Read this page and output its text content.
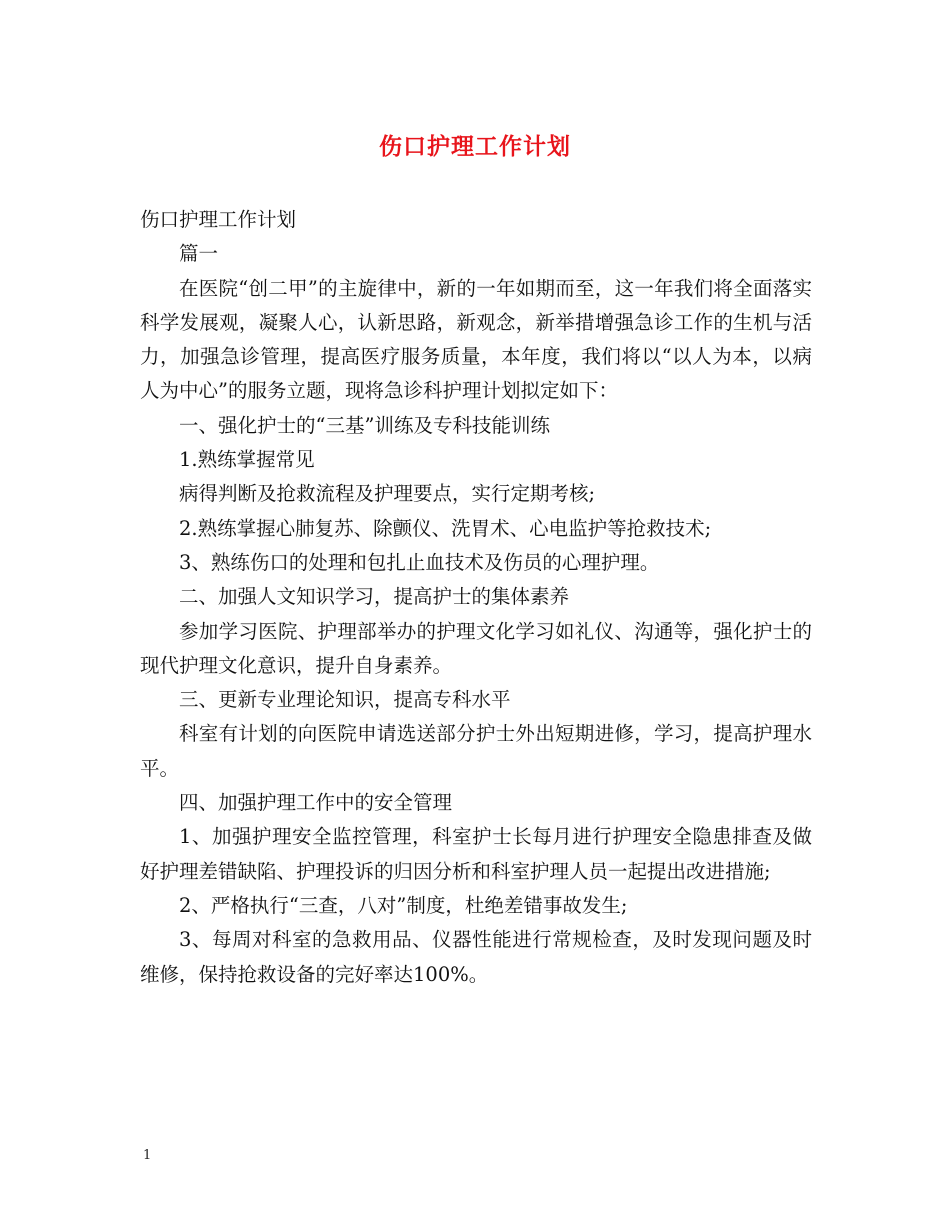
伤口护理工作计划

伤口护理工作计划

篇一

在医院“创二甲”的主旋律中，新的一年如期而至，这一年我们将全面落实科学发展观，凝聚人心，认新思路，新观念，新举措增强急诊工作的生机与活力，加强急诊管理，提高医疗服务质量，本年度，我们将以“以人为本，以病人为中心”的服务立题，现将急诊科护理计划拟定如下：

一、强化护士的“三基”训练及专科技能训练

1.熟练掌握常见

病得判断及抢救流程及护理要点，实行定期考核;

2.熟练掌握心肺复苏、除颤仪、洗胃术、心电监护等抢救技术;

3、熟练伤口的处理和包扎止血技术及伤员的心理护理。

二、加强人文知识学习，提高护士的集体素养

参加学习医院、护理部举办的护理文化学习如礼仪、沟通等，强化护士的现代护理文化意识，提升自身素养。

三、更新专业理论知识，提高专科水平

科室有计划的向医院申请选送部分护士外出短期进修，学习，提高护理水平。

四、加强护理工作中的安全管理

1、加强护理安全监控管理，科室护士长每月进行护理安全隐患排查及做好护理差错缺陷、护理投诉的归因分析和科室护理人员一起提出改进措施;

2、严格执行“三查，八对”制度，杜绝差错事故发生;

3、每周对科室的急救用品、仪器性能进行常规检查，及时发现问题及时维修，保持抢救设备的完好率达100%。

1
